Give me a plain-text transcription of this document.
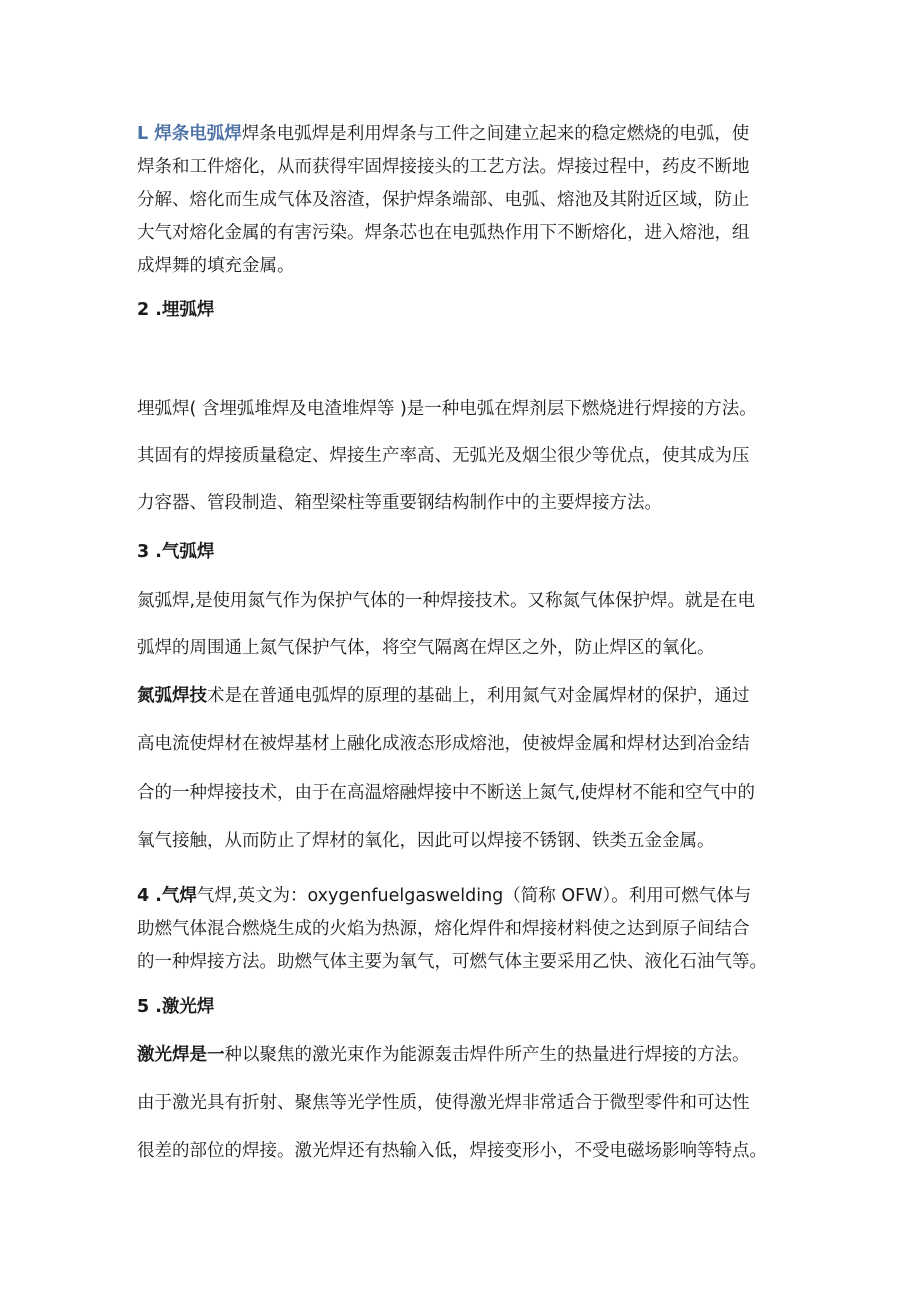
L 焊条电弧焊焊条电弧焊是利用焊条与工件之间建立起来的稳定燃烧的电弧，使
焊条和工件熔化，从而获得牢固焊接接头的工艺方法。焊接过程中，药皮不断地
分解、熔化而生成气体及溶渣，保护焊条端部、电弧、熔池及其附近区域，防止
大气对熔化金属的有害污染。焊条芯也在电弧热作用下不断熔化，进入熔池，组
成焊舞的填充金属。
2 .埋弧焊
埋弧焊( 含埋弧堆焊及电渣堆焊等 )是一种电弧在焊剂层下燃烧进行焊接的方法。
其固有的焊接质量稳定、焊接生产率高、无弧光及烟尘很少等优点，使其成为压
力容器、管段制造、箱型梁柱等重要钢结构制作中的主要焊接方法。
3 .气弧焊
氮弧焊,是使用氮气作为保护气体的一种焊接技术。又称氮气体保护焊。就是在电
弧焊的周围通上氮气保护气体，将空气隔离在焊区之外，防止焊区的氧化。
氮弧焊技术是在普通电弧焊的原理的基础上，利用氮气对金属焊材的保护，通过
高电流使焊材在被焊基材上融化成液态形成熔池，使被焊金属和焊材达到冶金结
合的一种焊接技术，由于在高温熔融焊接中不断送上氮气,使焊材不能和空气中的
氧气接触，从而防止了焊材的氧化，因此可以焊接不锈钢、铁类五金金属。
4 .气焊气焊,英文为：oxygenfuelgaswelding（简称 OFW）。利用可燃气体与
助燃气体混合燃烧生成的火焰为热源，熔化焊件和焊接材料使之达到原子间结合
的一种焊接方法。助燃气体主要为氧气，可燃气体主要采用乙快、液化石油气等。
5 .激光焊
激光焊是一种以聚焦的激光束作为能源轰击焊件所产生的热量进行焊接的方法。
由于激光具有折射、聚焦等光学性质，使得激光焊非常适合于微型零件和可达性
很差的部位的焊接。激光焊还有热输入低，焊接变形小，不受电磁场影响等特点。
